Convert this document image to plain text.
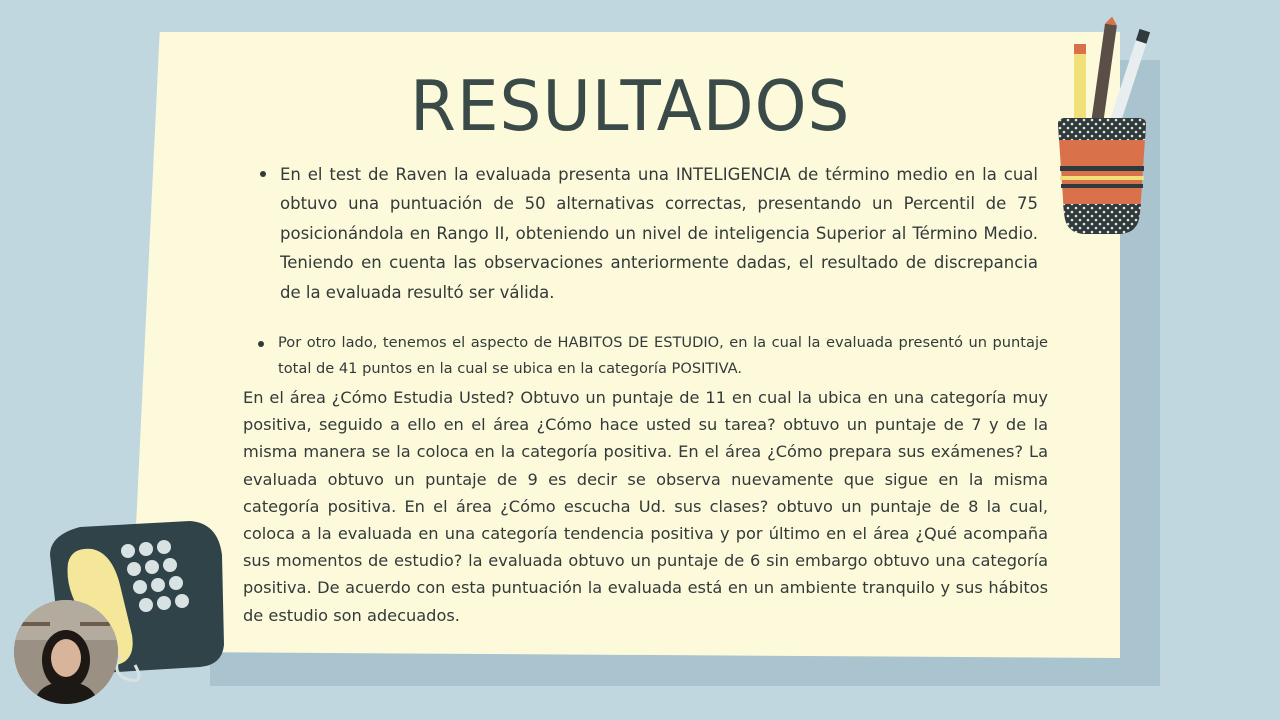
RESULTADOS
En el test de Raven la evaluada presenta una INTELIGENCIA de término medio en la cual obtuvo una puntuación de 50 alternativas correctas, presentando un Percentil de 75 posicionándola en Rango II, obteniendo un nivel de inteligencia Superior al Término Medio. Teniendo en cuenta las observaciones anteriormente dadas, el resultado de discrepancia de la evaluada resultó ser válida.
Por otro lado, tenemos el aspecto de HABITOS DE ESTUDIO, en la cual la evaluada presentó un puntaje total de 41 puntos en la cual se ubica en la categoría POSITIVA.

En el área ¿Cómo Estudia Usted? Obtuvo un puntaje de 11 en cual la ubica en una categoría muy positiva, seguido a ello en el área ¿Cómo hace usted su tarea? obtuvo un puntaje de 7 y de la misma manera se la coloca en la categoría positiva. En el área ¿Cómo prepara sus exámenes? La evaluada obtuvo un puntaje de 9 es decir se observa nuevamente que sigue en la misma categoría positiva. En el área ¿Cómo escucha Ud. sus clases? obtuvo un puntaje de 8 la cual, coloca a la evaluada en una categoría tendencia positiva y por último en el área ¿Qué acompaña sus momentos de estudio? la evaluada obtuvo un puntaje de 6 sin embargo obtuvo una categoría positiva. De acuerdo con esta puntuación la evaluada está en un ambiente tranquilo y sus hábitos de estudio son adecuados.
